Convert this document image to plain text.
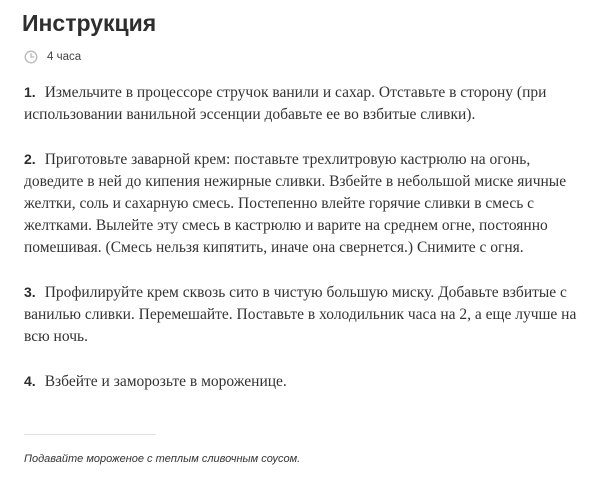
Инструкция
4 часа
1. Измельчите в процессоре стручок ванили и сахар. Отставьте в сторону (при использовании ванильной эссенции добавьте ее во взбитые сливки).
2. Приготовьте заварной крем: поставьте трехлитровую кастрюлю на огонь, доведите в ней до кипения нежирные сливки. Взбейте в небольшой миске яичные желтки, соль и сахарную смесь. Постепенно влейте горячие сливки в смесь с желтками. Вылейте эту смесь в кастрюлю и варите на среднем огне, постоянно помешивая. (Смесь нельзя кипятить, иначе она свернется.) Снимите с огня.
3. Профилируйте крем сквозь сито в чистую большую миску. Добавьте взбитые с ванилью сливки. Перемешайте. Поставьте в холодильник часа на 2, а еще лучше на всю ночь.
4. Взбейте и заморозьте в мороженице.

Подавайте мороженое с теплым сливочным соусом.
